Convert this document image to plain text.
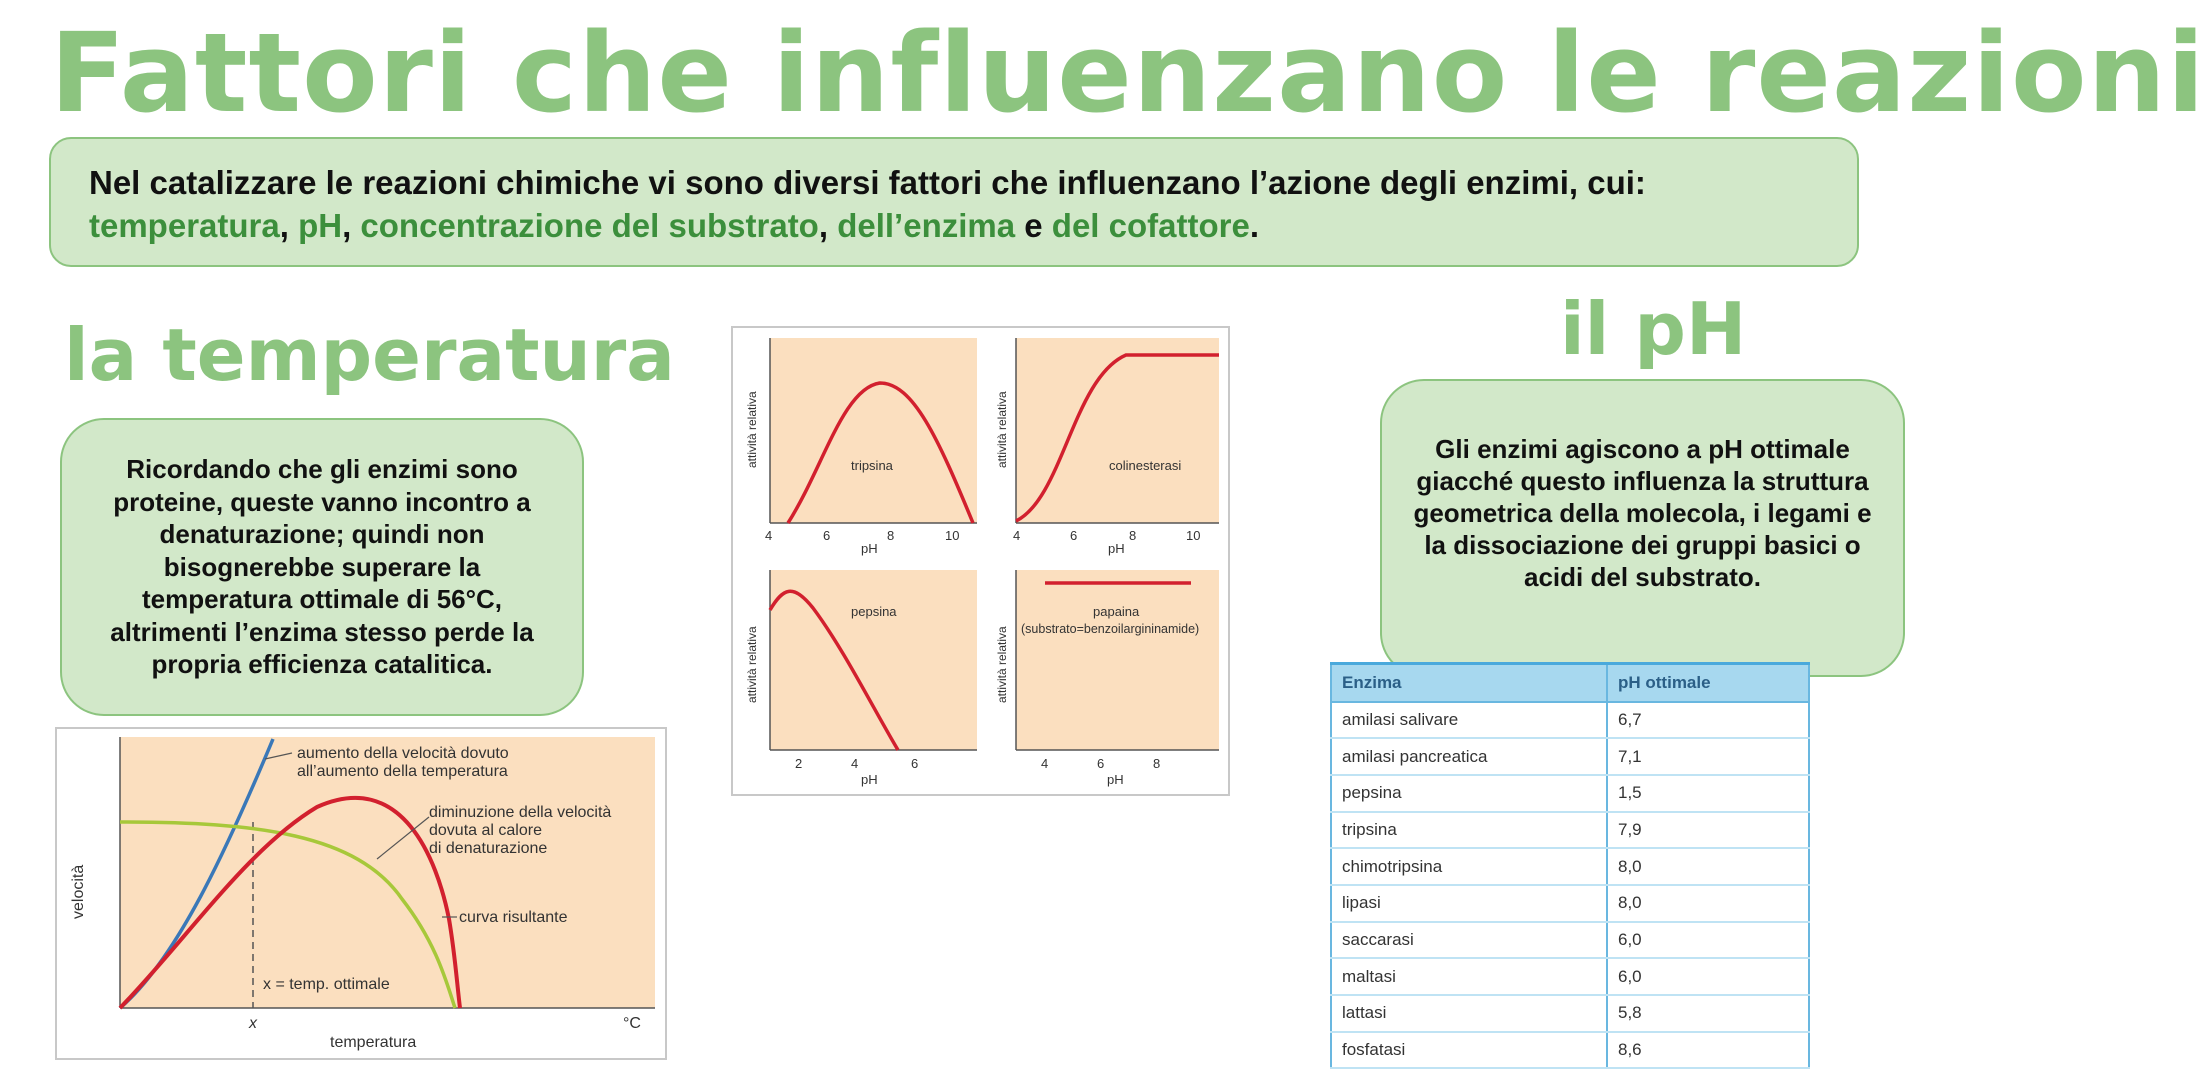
Fattori che influenzano le reazioni
Nel catalizzare le reazioni chimiche vi sono diversi fattori che influenzano l’azione degli enzimi, cui:
temperatura, pH, concentrazione del substrato, dell’enzima e del cofattore.
la temperatura	il pH
Ricordando che gli enzimi sono proteine, queste vanno incontro a denaturazione; quindi non bisognerebbe superare la temperatura ottimale di 56°C, altrimenti l’enzima stesso perde la propria efficienza catalitica.
Gli enzimi agiscono a pH ottimale giacché questo influenza la struttura geometrica della molecola, i legami e la dissociazione dei gruppi basici o acidi del substrato.
aumento della velocità dovuto
all’aumento della temperatura
diminuzione della velocità
dovuta al calore
di denaturazione
curva risultante
x = temp. ottimale
x	°C
temperatura
velocità
tripsina
4	6	8	10
pH
attività relativa	colinesterasi
4	6	8	10
pH
attività relativa
pepsina
2	4	6
pH
attività relativa
papaina
(substrato=benzoilargininamide)
4	6	8
pH
attività relativa	Enzima	pH ottimale
amilasi salivare	6,7
amilasi pancreatica	7,1
pepsina	1,5
tripsina	7,9
chimotripsina	8,0
lipasi	8,0
saccarasi	6,0
maltasi	6,0
lattasi	5,8
fosfatasi	8,6
